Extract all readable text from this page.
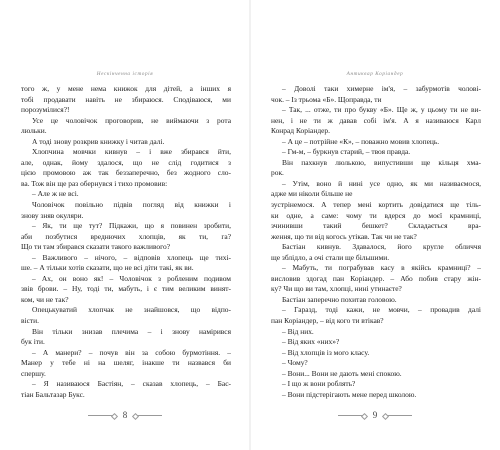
Нескінченна історія
того ж, у мене нема книжок для дітей, а інших я
тобі продавати навіть не збираюся. Сподіваюся, ми
порозумілися?!
Усе це чоловічок проговорив, не виймаючи з рота
люльки.
А тоді знову розкрив книжку і читав далі.
Хлопчина мовчки кивнув – і вже збирався йти,
але, однак, йому здалося, що не слід годитися з
цією промовою аж так беззаперечно, без жодного сло-
ва. Тож він ще раз обернувся і тихо промовив:
– Але ж не всі.
Чоловічок повільно підвів погляд від книжки і
знову зняв окуляри.
– Як, ти ще тут? Підкажи, що я повинен зробити,
аби позбутися вреднючих хлопців, як ти, га?
Що ти там збирався сказати такого важливого?
– Важливого – нічого, – відповів хлопець ще тихі-
ше. – А тільки хотів сказати, що не всі діти такі, як ви.
– Ах, он воно як! – Чоловічок з робленим подивом
звів брови. – Ну, тоді ти, мабуть, і є тим великим винят-
ком, чи не так?
Опецькуватий хлопчак не знайшовся, що відпо-
вісти.
Він тільки знизав плечима – і знову намірився
бук іти.
– А манери? – почув він за собою бурмотіння. –
Манер у тебе ні на шеляг, інакше ти назвався би
спершу.
– Я називаюся Бастіян, – сказав хлопець, – Бас-
тіан Бальтазар Букс.
8
Антиквар Коріандер
– Доволі таки химерне ім'я, – забурмотів чолові-
чок. – Із трьома «Б». Щоправда, ти
– Так, ... отже, ти про букву «Б». Ще ж, у цьому ти не ви-
нен, і не ти ж давав собі ім'я. А я називаюся Карл
Конрад Коріандер.
– А це – потрійне «К», – поважно мовив хлопець.
– Гм-м, – буркнув старий, – твоя правда.
Він пахкнув люлькою, випустивши ще кільця хма-
рок.
– Утім, воно й нині усе одно, як ми називаємося,
адже ми ніколи більше не
зустрінемося. А тепер мені кортить довідатися ще тіль-
ки одне, а саме: чому ти вдерся до моєї крамниці,
зчинивши такий бешкет? Складається вра-
ження, що ти від когось утікав. Так чи не так?
Бастіан кивнув. Здавалося, його кругле обличчя
ще зблідло, а очі стали ще більшими.
– Мабуть, ти пограбував касу в якійсь крамниці? –
висловив здогад пан Коріандер. – Або побив стару жін-
ку? Чи що ви там, хлопці, нині утинаєте?
Бастіан заперечно похитав головою.
– Гаразд, тоді кажи, не мовчи, – провадив далі
пан Коріандер, – від кого ти втікав?
– Від них.
– Від яких «них»?
– Від хлопців із мого класу.
– Чому?
– Вони... Вони не дають мені спокою.
– І що ж вони роблять?
– Вони підстерігають мене перед школою.
9
